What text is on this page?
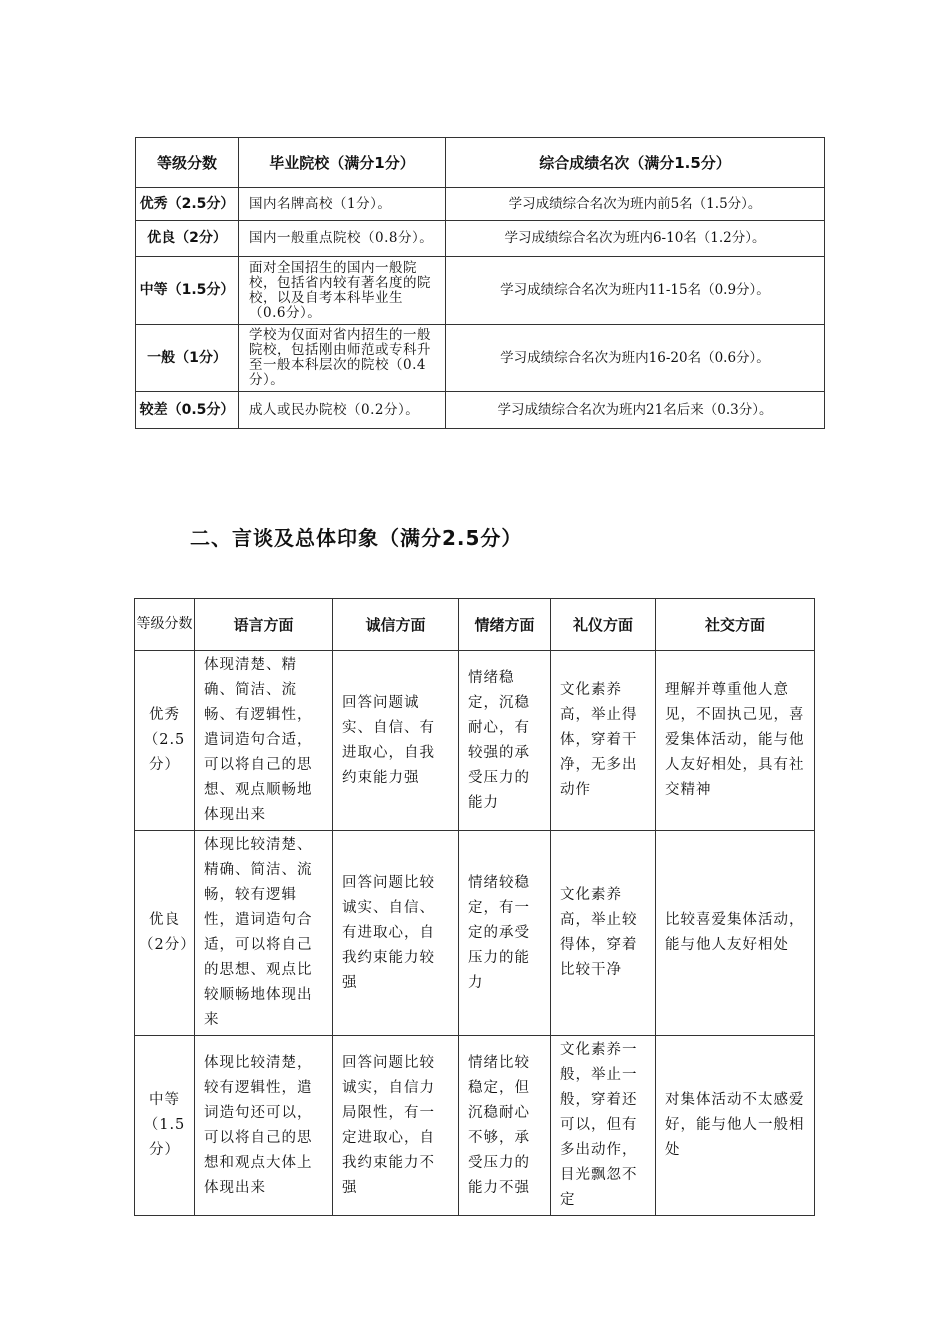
等级分数	毕业院校（满分1分）	综合成绩名次（满分1.5分）
优秀（2.5分）	国内名牌高校（1分）。	学习成绩综合名次为班内前5名（1.5分）。
优良（2分）	国内一般重点院校（0.8分）。	学习成绩综合名次为班内6-10名（1.2分）。
中等（1.5分）	面对全国招生的国内一般院校，包括省内较有著名度的院校，以及自考本科毕业生（0.6分）。	学习成绩综合名次为班内11-15名（0.9分）。
一般（1分）	学校为仅面对省内招生的一般院校，包括刚由师范或专科升至一般本科层次的院校（0.4分）。	学习成绩综合名次为班内16-20名（0.6分）。
较差（0.5分）	成人或民办院校（0.2分）。	学习成绩综合名次为班内21名后来（0.3分）。
二、言谈及总体印象（满分2.5分）
等级分数	语言方面	诚信方面	情绪方面	礼仪方面	社交方面
优秀（2.5分）	体现清楚、精确、简洁、流畅、有逻辑性，遣词造句合适，可以将自己的思想、观点顺畅地体现出来	回答问题诚实、自信、有进取心，自我约束能力强	情绪稳定，沉稳耐心，有较强的承受压力的能力	文化素养高，举止得体，穿着干净，无多出动作	理解并尊重他人意见，不固执己见，喜爱集体活动，能与他人友好相处，具有社交精神
优良（2分）	体现比较清楚、精确、简洁、流畅，较有逻辑性，遣词造句合适，可以将自己的思想、观点比较顺畅地体现出来	回答问题比较诚实、自信、有进取心，自我约束能力较强	情绪较稳定，有一定的承受压力的能力	文化素养高，举止较得体，穿着比较干净	比较喜爱集体活动，能与他人友好相处
中等（1.5分）	体现比较清楚，较有逻辑性，遣词造句还可以，可以将自己的思想和观点大体上体现出来	回答问题比较诚实，自信力局限性，有一定进取心，自我约束能力不强	情绪比较稳定，但沉稳耐心不够，承受压力的能力不强	文化素养一般，举止一般，穿着还可以，但有多出动作，目光飘忽不定	对集体活动不太感爱好，能与他人一般相处
